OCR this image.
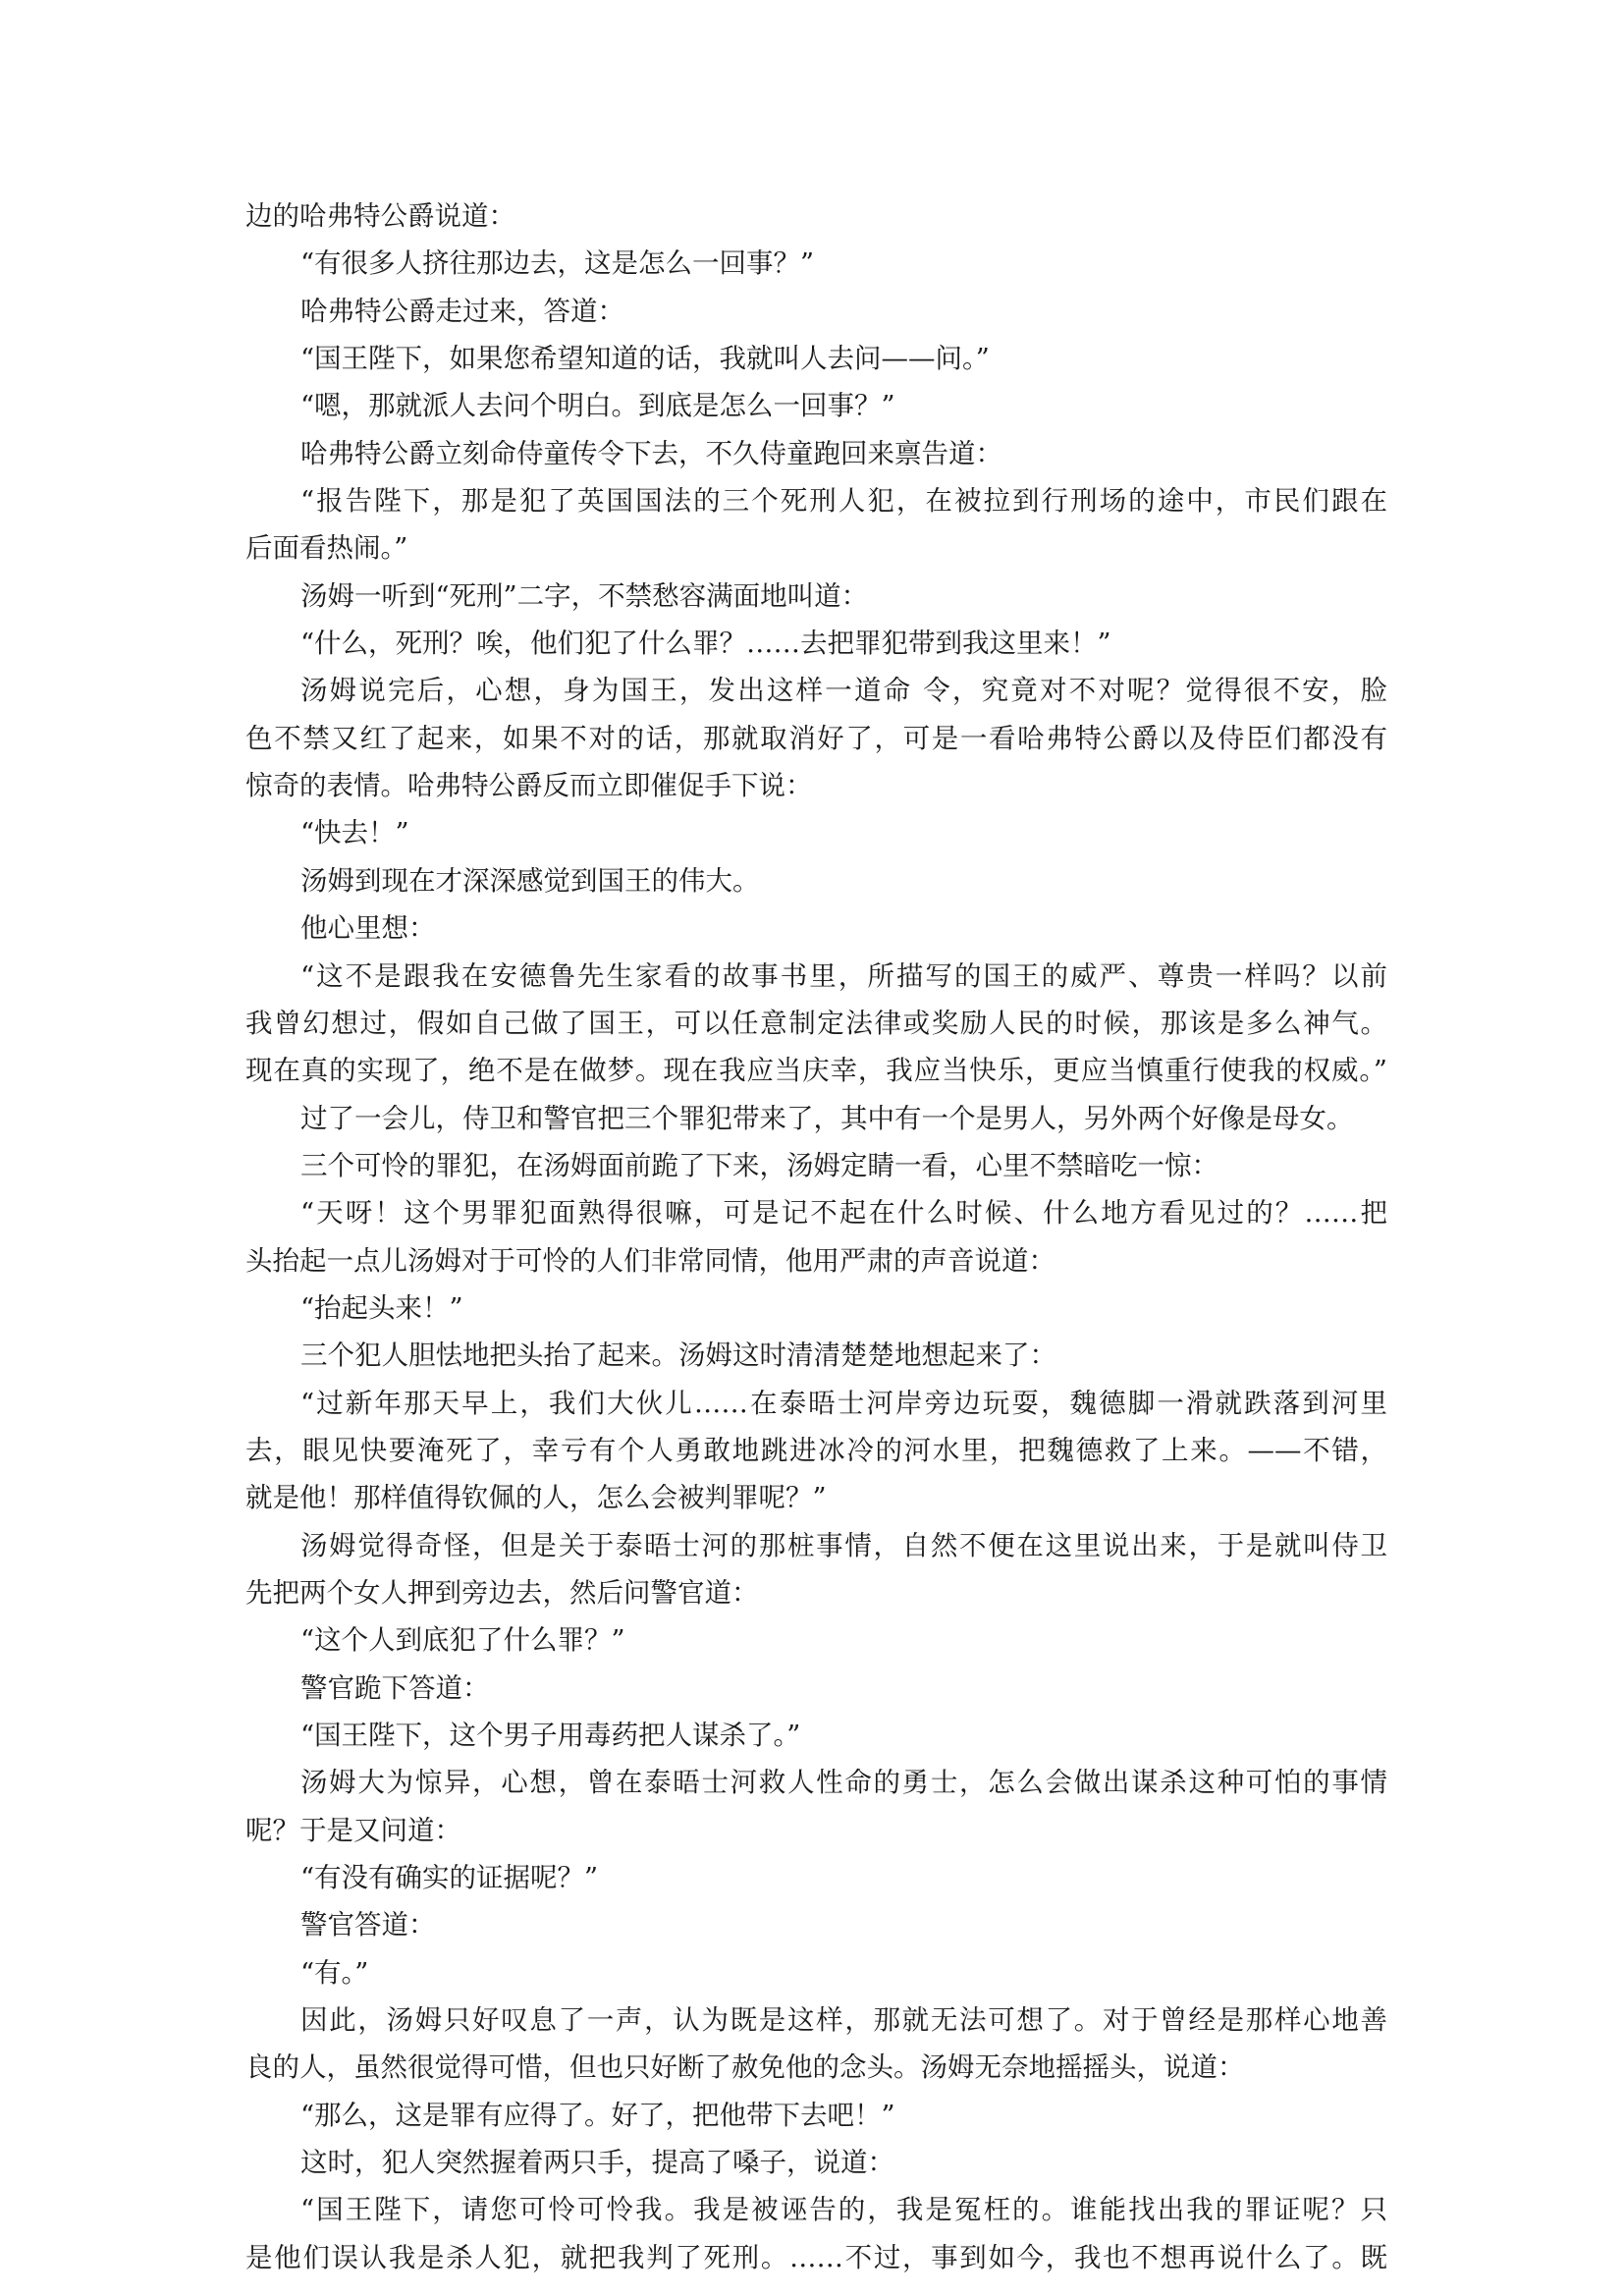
边的哈弗特公爵说道：
“有很多人挤往那边去，这是怎么一回事？”
哈弗特公爵走过来，答道：
“国王陛下，如果您希望知道的话，我就叫人去问——问。”
“嗯，那就派人去问个明白。到底是怎么一回事？”
哈弗特公爵立刻命侍童传令下去，不久侍童跑回来禀告道：
“报告陛下，那是犯了英国国法的三个死刑人犯，在被拉到行刑场的途中，市民们跟在
后面看热闹。”
汤姆一听到“死刑”二字，不禁愁容满面地叫道：
“什么，死刑？唉，他们犯了什么罪？……去把罪犯带到我这里来！”
汤姆说完后，心想，身为国王，发出这样一道命 令，究竟对不对呢？觉得很不安，脸
色不禁又红了起来，如果不对的话，那就取消好了，可是一看哈弗特公爵以及侍臣们都没有
惊奇的表情。哈弗特公爵反而立即催促手下说：
“快去！”
汤姆到现在才深深感觉到国王的伟大。
他心里想：
“这不是跟我在安德鲁先生家看的故事书里，所描写的国王的威严、尊贵一样吗？以前
我曾幻想过，假如自己做了国王，可以任意制定法律或奖励人民的时候，那该是多么神气。
现在真的实现了，绝不是在做梦。现在我应当庆幸，我应当快乐，更应当慎重行使我的权威。”
过了一会儿，侍卫和警官把三个罪犯带来了，其中有一个是男人，另外两个好像是母女。
三个可怜的罪犯，在汤姆面前跪了下来，汤姆定睛一看，心里不禁暗吃一惊：
“天呀！这个男罪犯面熟得很嘛，可是记不起在什么时候、什么地方看见过的？……把
头抬起一点儿汤姆对于可怜的人们非常同情，他用严肃的声音说道：
“抬起头来！”
三个犯人胆怯地把头抬了起来。汤姆这时清清楚楚地想起来了：
“过新年那天早上，我们大伙儿……在泰晤士河岸旁边玩耍，魏德脚一滑就跌落到河里
去，眼见快要淹死了，幸亏有个人勇敢地跳进冰冷的河水里，把魏德救了上来。——不错，
就是他！那样值得钦佩的人，怎么会被判罪呢？”
汤姆觉得奇怪，但是关于泰晤士河的那桩事情，自然不便在这里说出来，于是就叫侍卫
先把两个女人押到旁边去，然后问警官道：
“这个人到底犯了什么罪？”
警官跪下答道：
“国王陛下，这个男子用毒药把人谋杀了。”
汤姆大为惊异，心想，曾在泰晤士河救人性命的勇士，怎么会做出谋杀这种可怕的事情
呢？于是又问道：
“有没有确实的证据呢？”
警官答道：
“有。”
因此，汤姆只好叹息了一声，认为既是这样，那就无法可想了。对于曾经是那样心地善
良的人，虽然很觉得可惜，但也只好断了赦免他的念头。汤姆无奈地摇摇头，说道：
“那么，这是罪有应得了。好了，把他带下去吧！”
这时，犯人突然握着两只手，提高了嗓子，说道：
“国王陛下，请您可怜可怜我。我是被诬告的，我是冤枉的。谁能找出我的罪证呢？只
是他们误认我是杀人犯，就把我判了死刑。……不过，事到如今，我也不想再说什么了。既
